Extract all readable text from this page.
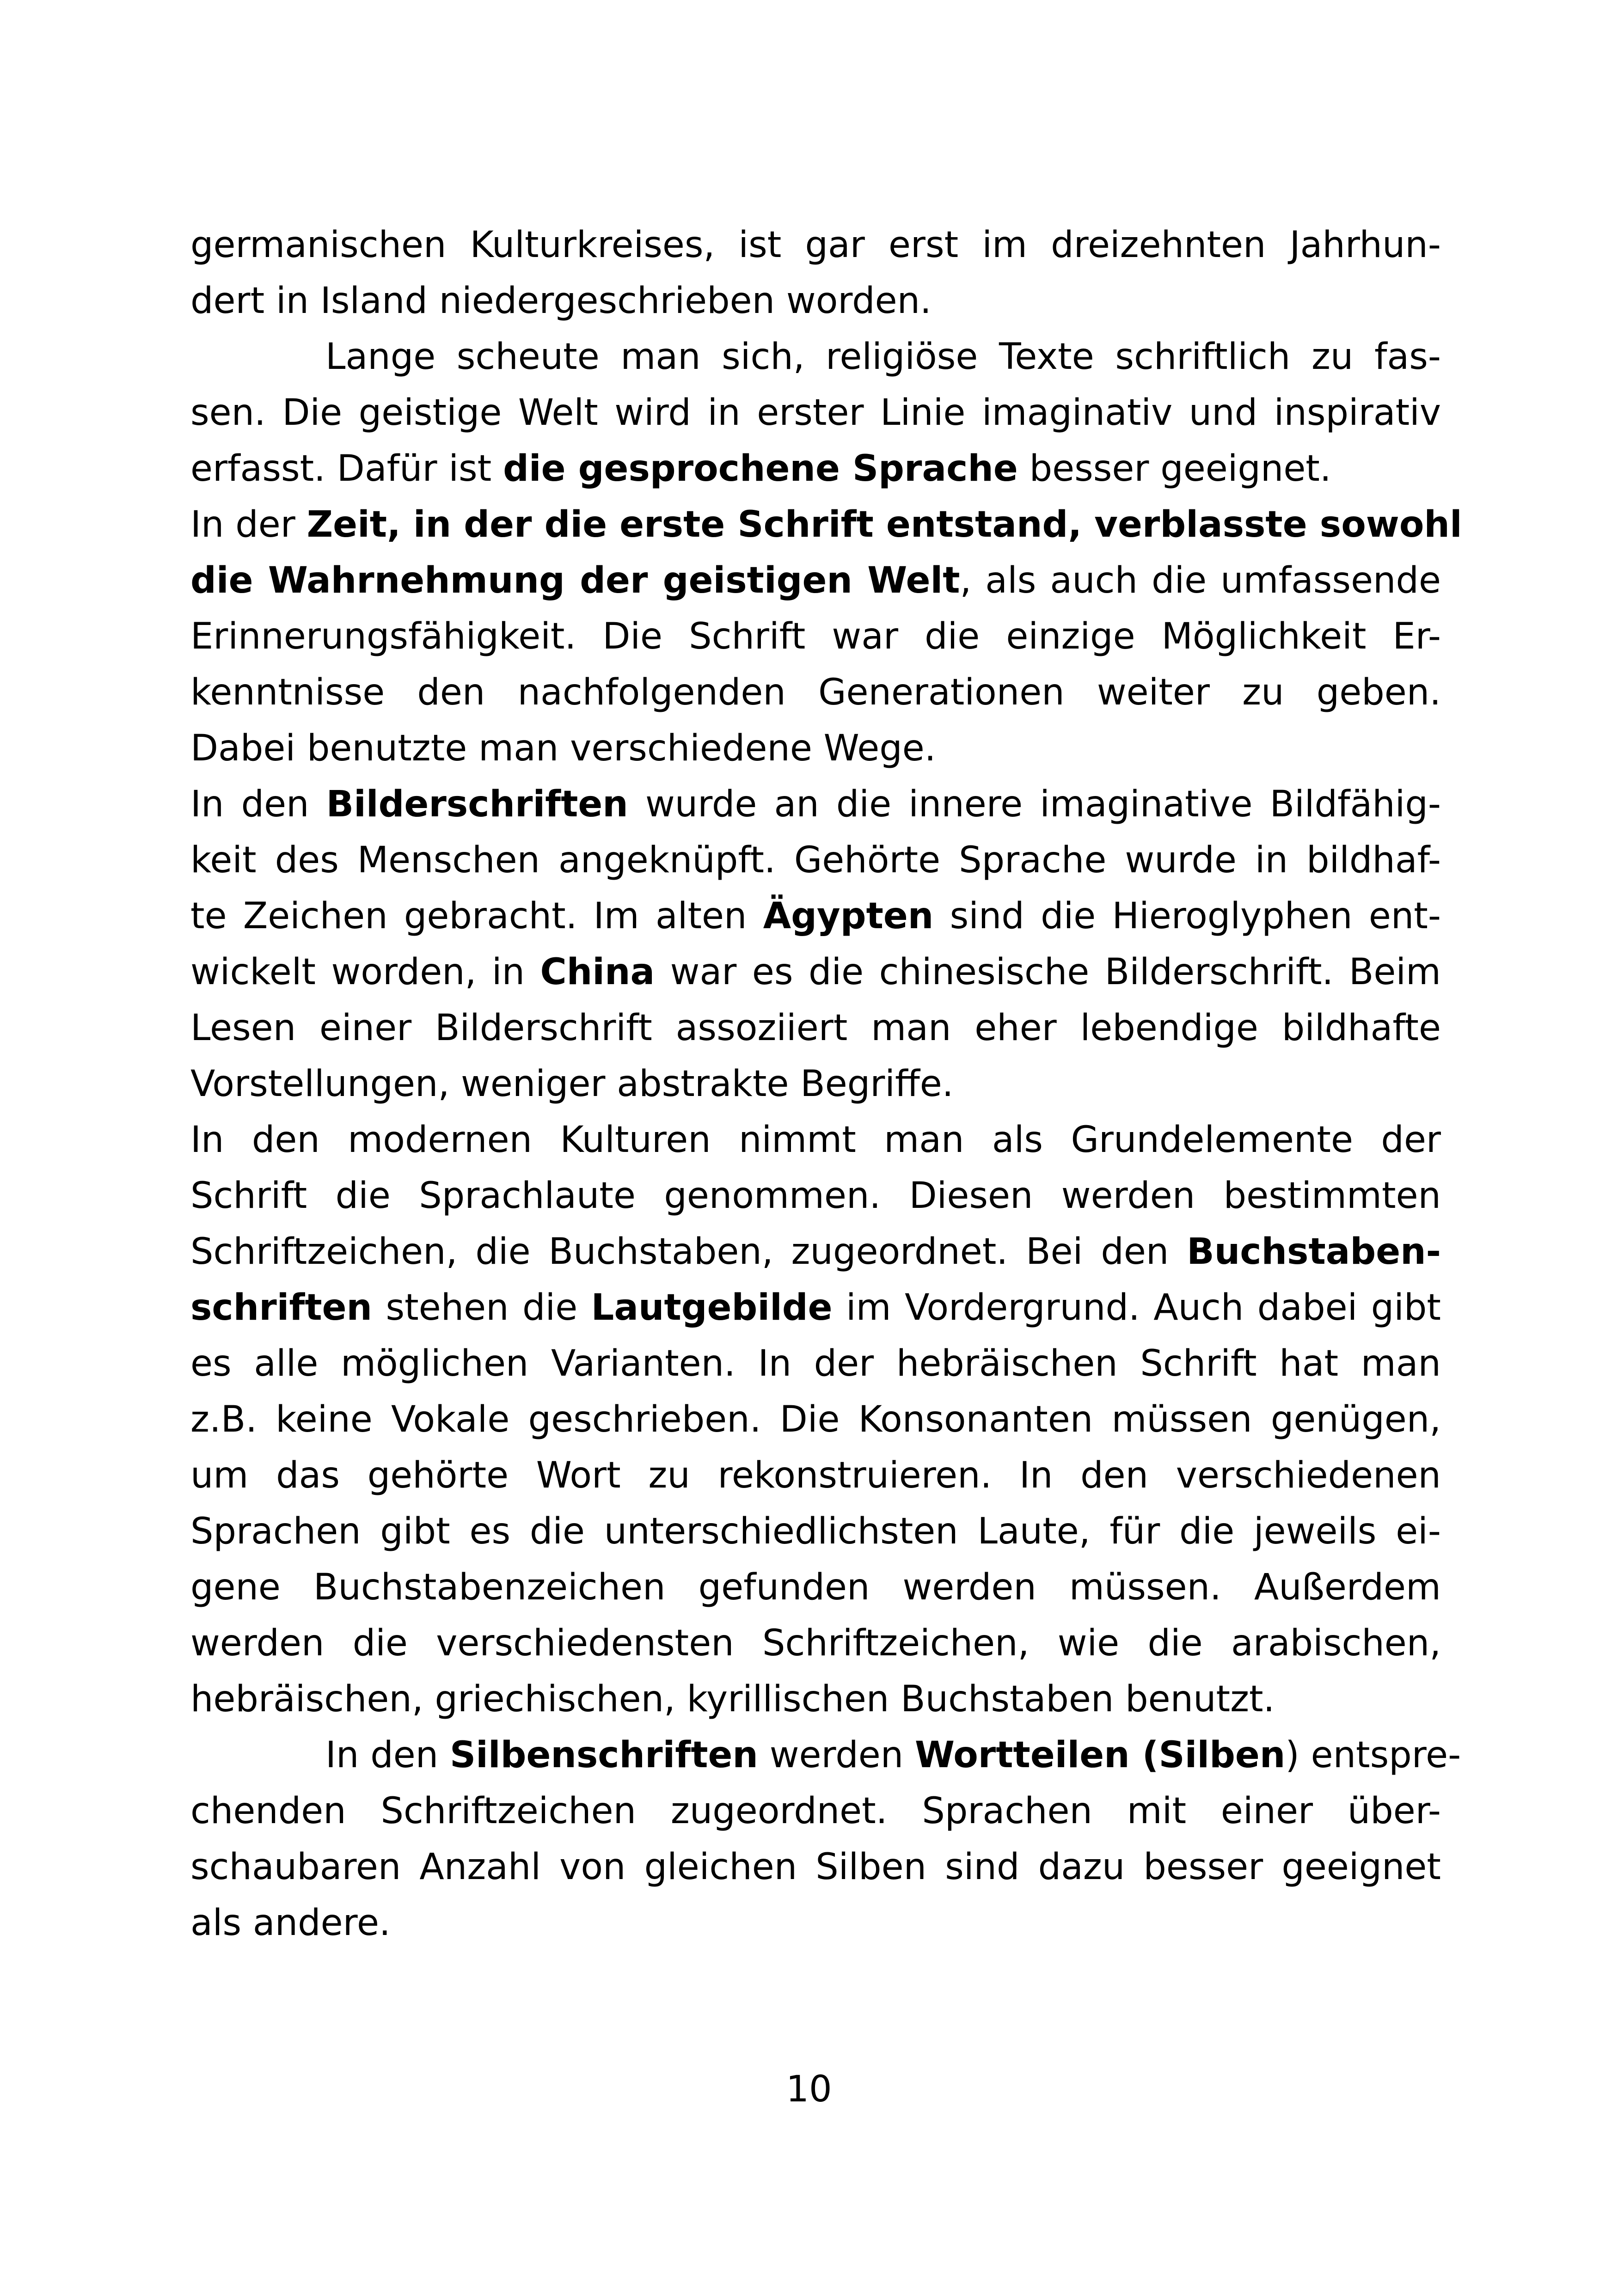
germanischen Kulturkreises, ist gar erst im dreizehnten Jahrhun-
dert in Island niedergeschrieben worden.
Lange scheute man sich, religiöse Texte schriftlich zu fas-
sen. Die geistige Welt wird in erster Linie imaginativ und inspirativ
erfasst. Dafür ist die gesprochene Sprache besser geeignet.
In der Zeit, in der die erste Schrift entstand, verblasste sowohl
die Wahrnehmung der geistigen Welt, als auch die umfassende
Erinnerungsfähigkeit. Die Schrift war die einzige Möglichkeit Er-
kenntnisse den nachfolgenden Generationen weiter zu geben.
Dabei benutzte man verschiedene Wege.
In den Bilderschriften wurde an die innere imaginative Bildfähig-
keit des Menschen angeknüpft. Gehörte Sprache wurde in bildhaf-
te Zeichen gebracht. Im alten Ägypten sind die Hieroglyphen ent-
wickelt worden, in China war es die chinesische Bilderschrift. Beim
Lesen einer Bilderschrift assoziiert man eher lebendige bildhafte
Vorstellungen, weniger abstrakte Begriffe.
In den modernen Kulturen nimmt man als Grundelemente der
Schrift die Sprachlaute genommen. Diesen werden bestimmten
Schriftzeichen, die Buchstaben, zugeordnet. Bei den Buchstaben-
schriften stehen die Lautgebilde im Vordergrund. Auch dabei gibt
es alle möglichen Varianten. In der hebräischen Schrift hat man
z.B. keine Vokale geschrieben. Die Konsonanten müssen genügen,
um das gehörte Wort zu rekonstruieren. In den verschiedenen
Sprachen gibt es die unterschiedlichsten Laute, für die jeweils ei-
gene Buchstabenzeichen gefunden werden müssen. Außerdem
werden die verschiedensten Schriftzeichen, wie die arabischen,
hebräischen, griechischen, kyrillischen Buchstaben benutzt.
In den Silbenschriften werden Wortteilen (Silben) entspre-
chenden Schriftzeichen zugeordnet. Sprachen mit einer über-
schaubaren Anzahl von gleichen Silben sind dazu besser geeignet
als andere.
10
